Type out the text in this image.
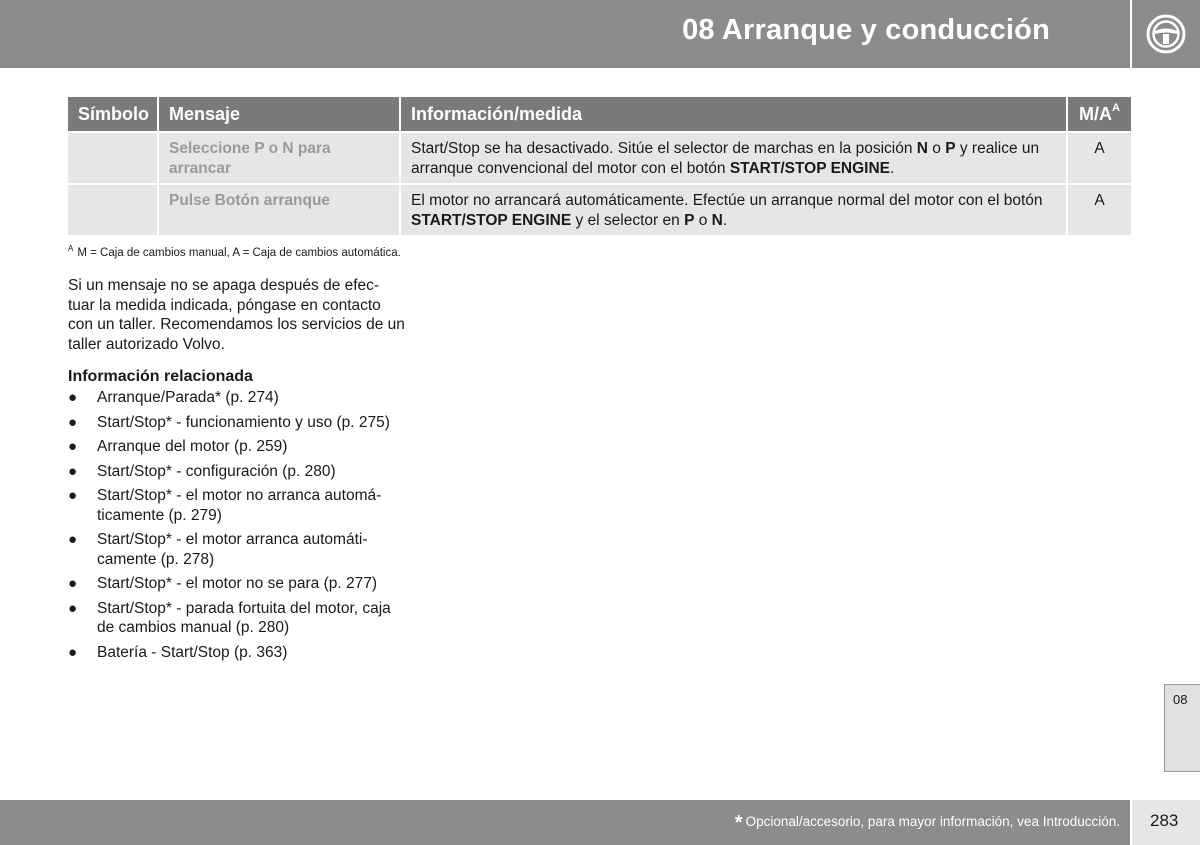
08 Arranque y conducción
Símbolo	Mensaje	Información/medida	$M/A^A$
	Seleccione P o N para arrancar	Start/Stop se ha desactivado. Sitúe el selector de marchas en la posición N o P y realice un arranque convencional del motor con el botón START/STOP ENGINE.	A
	Pulse Botón arranque	El motor no arrancará automáticamente. Efectúe un arranque normal del motor con el botón START/STOP ENGINE y el selector en P o N.	A
$^A$ M = Caja de cambios manual, A = Caja de cambios automática.
Si un mensaje no se apaga después de efec- tuar la medida indicada, póngase en contacto con un taller. Recomendamos los servicios de un taller autorizado Volvo.
Información relacionada
● Arranque/Parada* (p. 274)
● Start/Stop* - funcionamiento y uso (p. 275)
● Arranque del motor (p. 259)
● Start/Stop* - configuración (p. 280)
● Start/Stop* - el motor no arranca automá- ticamente (p. 279)
● Start/Stop* - el motor arranca automáti- camente (p. 278)
● Start/Stop* - el motor no se para (p. 277)
● Start/Stop* - parada fortuita del motor, caja de cambios manual (p. 280)
● Batería - Start/Stop (p. 363)
08
* Opcional/accesorio, para mayor información, vea Introducción. 283
